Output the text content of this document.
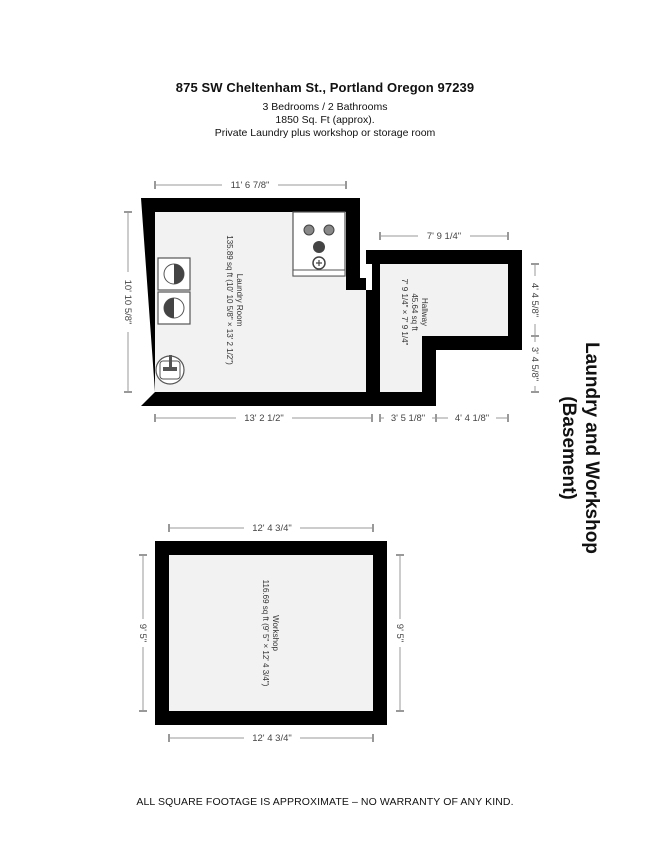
875 SW Cheltenham St., Portland Oregon 97239
3 Bedrooms / 2 Bathrooms
1850 Sq. Ft (approx).
Private Laundry plus workshop or storage room
Laundry Room
135.89 sq ft (10' 10 5/8" × 13' 2 1/2")	Hallway
45.64 sq ft
7' 9 1/4" × 7' 9 1/4"
11' 6 7/8"
10' 10 5/8"
13' 2 1/2"
7' 9 1/4"
4' 4 5/8"
3' 4 5/8"
3' 5 1/8"	4' 4 1/8"	Laundry and Workshop
(Basement)
Workshop
116.69 sq ft (9' 5" × 12' 4 3/4")
12' 4 3/4"
12' 4 3/4"
9' 5"	9' 5"
ALL SQUARE FOOTAGE IS APPROXIMATE – NO WARRANTY OF ANY KIND.
